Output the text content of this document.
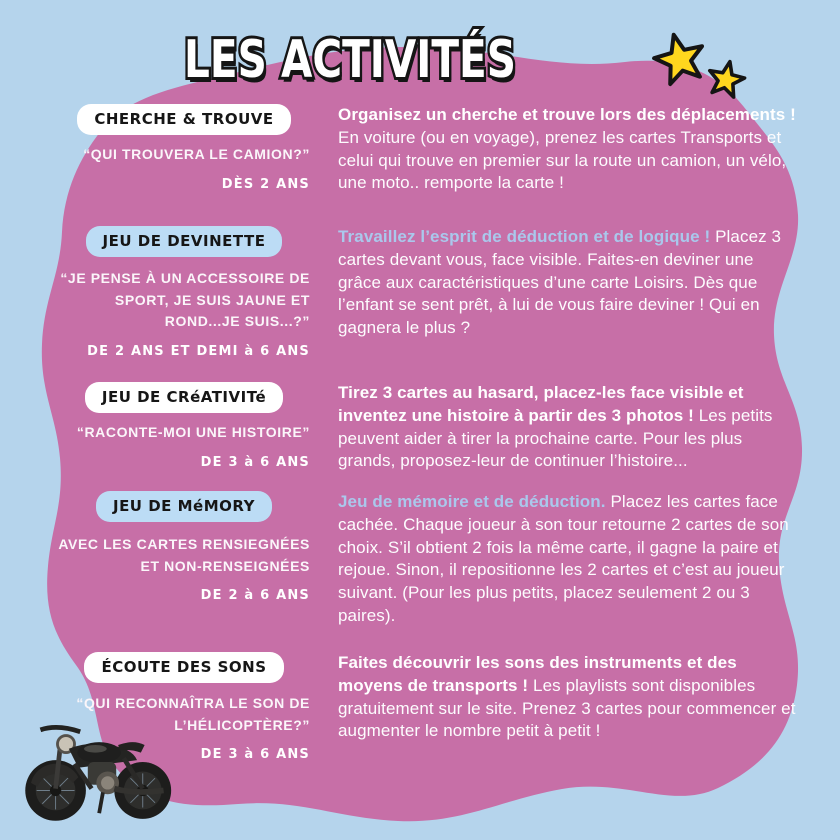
LES ACTIVITÉS
CHERCHE & TROUVE
“QUI TROUVERA LE CAMION?”
DÈS 2 ANS

Organisez un cherche et trouve lors des déplacements ! En voiture (ou en voyage), prenez les cartes Transports et celui qui trouve en premier sur la route un camion, un vélo, une moto.. remporte la carte !

JEU DE DEVINETTE
“JE PENSE À UN ACCESSOIRE DE SPORT, JE SUIS JAUNE ET ROND...JE SUIS...?”
DE 2 ANS ET DEMI à 6 ANS

Travaillez l’esprit de déduction et de logique ! Placez 3 cartes devant vous, face visible. Faites-en deviner une grâce aux caractéristiques d’une carte Loisirs. Dès que l’enfant se sent prêt, à lui de vous faire deviner ! Qui en gagnera le plus ?

JEU DE CRéATIVITé
“RACONTE-MOI UNE HISTOIRE”
DE 3 à 6 ANS

Tirez 3 cartes au hasard, placez-les face visible et inventez une histoire à partir des 3 photos ! Les petits peuvent aider à tirer la prochaine carte. Pour les plus grands, proposez-leur de continuer l’histoire...

JEU DE MéMORY
AVEC LES CARTES RENSIEGNÉES ET NON-RENSEIGNÉES
DE 2 à 6 ANS

Jeu de mémoire et de déduction. Placez les cartes face cachée. Chaque joueur à son tour retourne 2 cartes de son choix. S’il obtient 2 fois la même carte, il gagne la paire et rejoue. Sinon, il repositionne les 2 cartes et c’est au joueur suivant. (Pour les plus petits, placez seulement 2 ou 3 paires).

ÉCOUTE DES SONS
“QUI RECONNAÎTRA LE SON DE L’HÉLICOPTÈRE?”
DE 3 à 6 ANS

Faites découvrir les sons des instruments et des moyens de transports ! Les playlists sont disponibles gratuitement sur le site. Prenez 3 cartes pour commencer et augmenter le nombre petit à petit !
